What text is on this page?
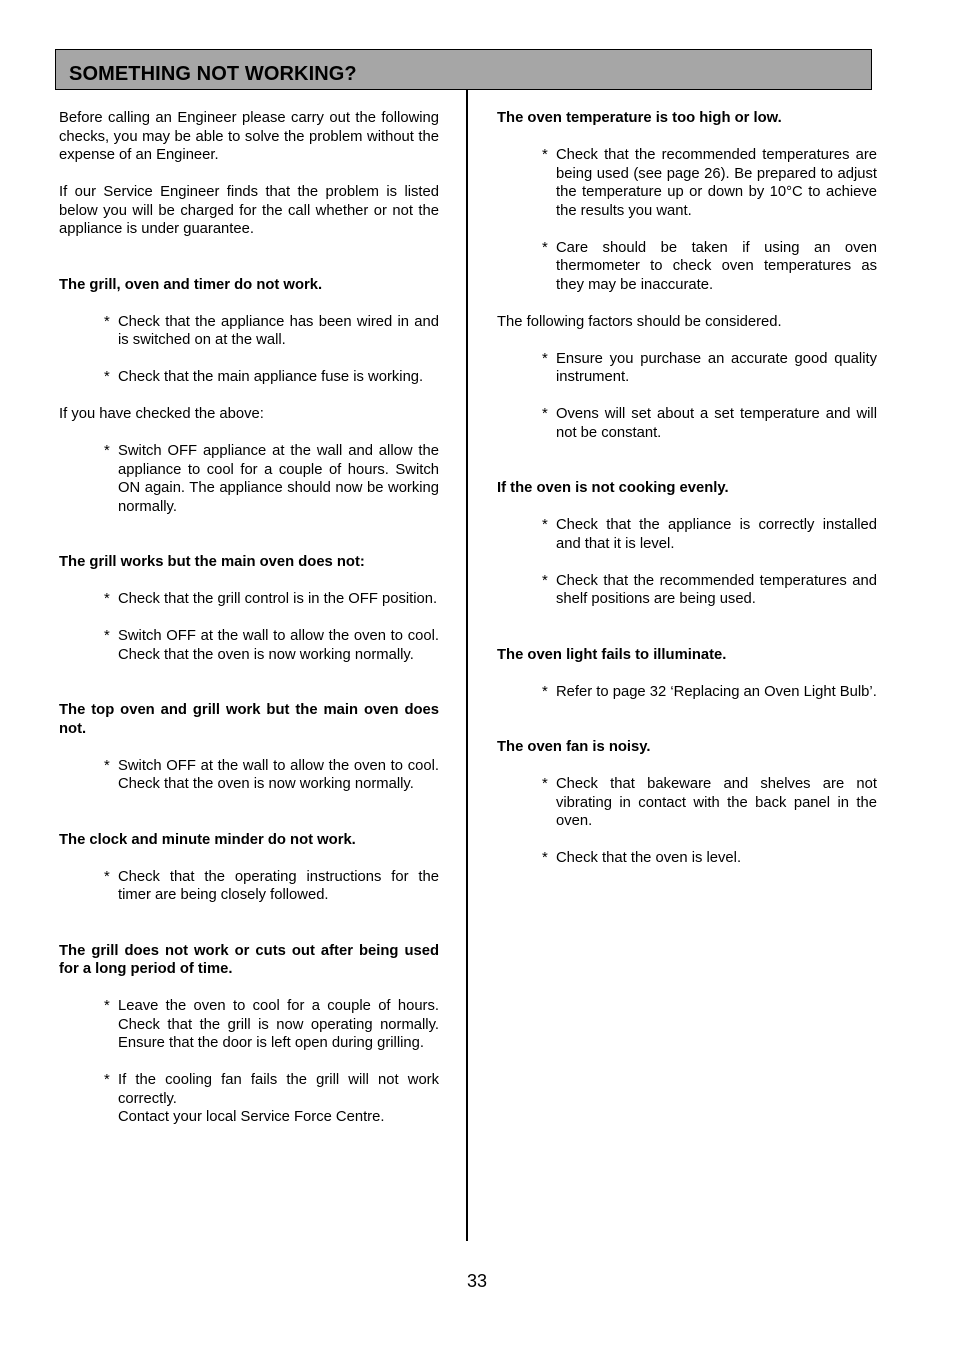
SOMETHING NOT WORKING?

Before calling an Engineer please carry out the following checks, you may be able to solve the problem without the expense of an Engineer.

If our Service Engineer finds that the problem is listed below you will be charged for the call whether or not the appliance is under guarantee.

The grill, oven and timer do not work.

* Check that the appliance has been wired in and is switched on at the wall.
* Check that the main appliance fuse is working.

If you have checked the above:

* Switch OFF appliance at the wall and allow the appliance to cool for a couple of hours. Switch ON again. The appliance should now be working normally.

The grill works but the main oven does not:

* Check that the grill control is in the OFF position.
* Switch OFF at the wall to allow the oven to cool. Check that the oven is now working normally.

The top oven and grill work but the main oven does not.

* Switch OFF at the wall to allow the oven to cool. Check that the oven is now working normally.

The clock and minute minder do not work.

* Check that the operating instructions for the timer are being closely followed.

The grill does not work or cuts out after being used for a long period of time.

* Leave the oven to cool for a couple of hours. Check that the grill is now operating normally. Ensure that the door is left open during grilling.
* If the cooling fan fails the grill will not work correctly.
Contact your local Service Force Centre.

The oven temperature is too high or low.

* Check that the recommended temperatures are being used (see page 26). Be prepared to adjust the temperature up or down by 10°C to achieve the results you want.
* Care should be taken if using an oven thermometer to check oven temperatures as they may be inaccurate.

The following factors should be considered.

* Ensure you purchase an accurate good quality instrument.
* Ovens will set about a set temperature and will not be constant.

If the oven is not cooking evenly.

* Check that the appliance is correctly installed and that it is level.
* Check that the recommended temperatures and shelf positions are being used.

The oven light fails to illuminate.

* Refer to page 32 ‘Replacing an Oven Light Bulb’.

The oven fan is noisy.

* Check that bakeware and shelves are not vibrating in contact with the back panel in the oven.
* Check that the oven is level.
33
